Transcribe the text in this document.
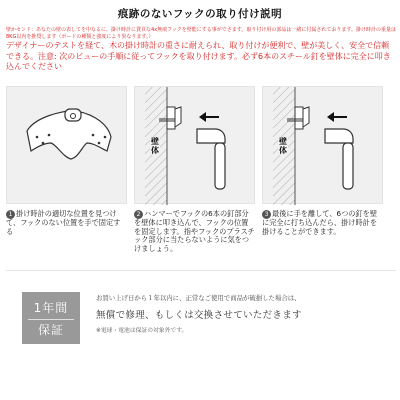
痕跡のないフックの取り付け説明
壁かセンド：あなたの壁の表してを中なるに、掛け時計に貸頁な4x無痕フックを壁能にする事がでさます。取り付け用の部品は一緒に付属されております。掛け時計の重量は8KG以内を推奨します（ボードの種類と強度により異なります。）
デザイナーのテストを経て、木の掛け時計の重さに耐えられ、取り付けが便利で、壁が美しく、安全で信頼できる。注意: 次のビューの手順に従ってフックを取り付けます。必ず6本のスチール釘を壁体に完全に叩き込んでください
壁体
壁体
1 掛け時計の適切な位置を見つけて、フックのない位置を手で固定する
2 ハンマーでフックの6本の釘部分を壁体に叩き込んで、フックの位置を固定します。指やフックのプラスチック部分に当たらないように気をつけましょう。
3 最後に手を離して、6つの釘を壁に完全に打ち込んだら、掛け時計を掛けることができます。
1年間
保証
お買い上げ日から１年以内に、正常なご使用で商品が破損した場合は、
無償で修理、もしくは交換させていただきます
※電球・電池は保証の対象外です。
